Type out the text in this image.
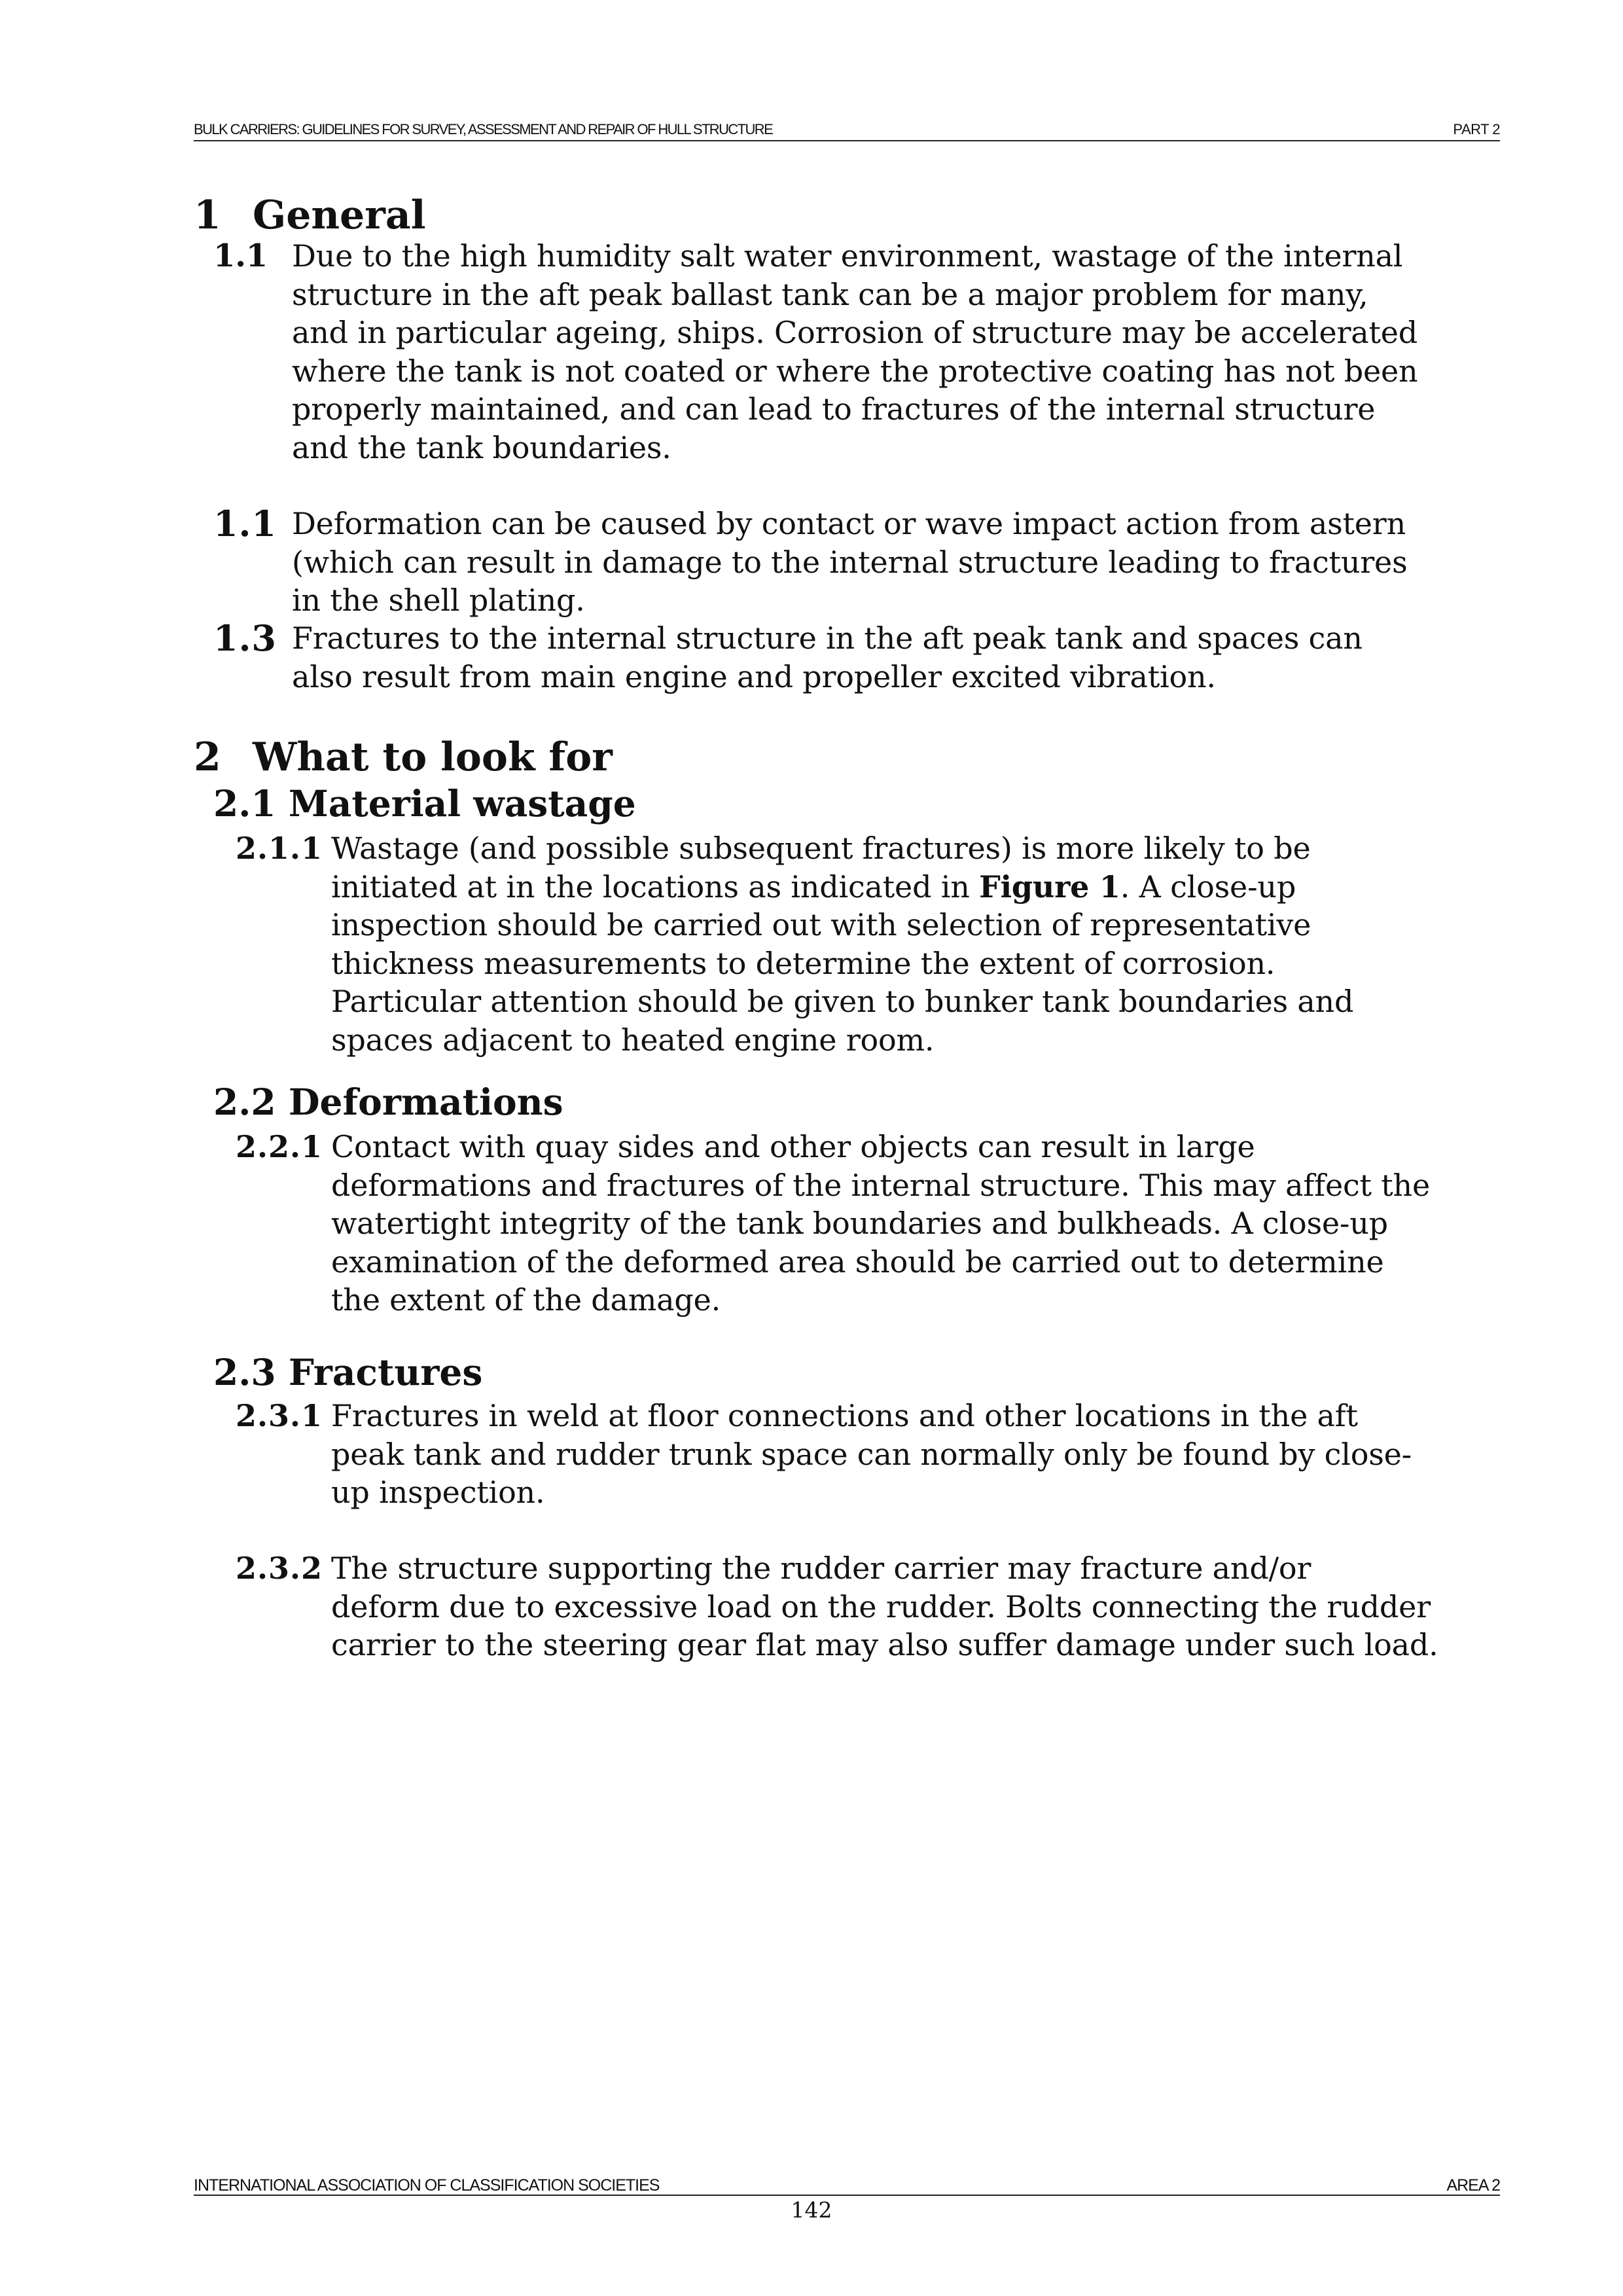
BULK CARRIERS: GUIDELINES FOR SURVEY, ASSESSMENT AND REPAIR OF HULL STRUCTURE	PART 2
1 General
1.1 Due to the high humidity salt water environment, wastage of the internal
structure in the aft peak ballast tank can be a major problem for many,
and in particular ageing, ships. Corrosion of structure may be accelerated
where the tank is not coated or where the protective coating has not been
properly maintained, and can lead to fractures of the internal structure
and the tank boundaries.
1.1 Deformation can be caused by contact or wave impact action from astern
(which can result in damage to the internal structure leading to fractures
in the shell plating.
1.3 Fractures to the internal structure in the aft peak tank and spaces can
also result from main engine and propeller excited vibration.
2 What to look for
2.1 Material wastage
2.1.1 Wastage (and possible subsequent fractures) is more likely to be
initiated at in the locations as indicated in Figure 1. A close-up
inspection should be carried out with selection of representative
thickness measurements to determine the extent of corrosion.
Particular attention should be given to bunker tank boundaries and
spaces adjacent to heated engine room.
2.2 Deformations
2.2.1 Contact with quay sides and other objects can result in large
deformations and fractures of the internal structure. This may affect the
watertight integrity of the tank boundaries and bulkheads. A close-up
examination of the deformed area should be carried out to determine
the extent of the damage.
2.3 Fractures
2.3.1 Fractures in weld at floor connections and other locations in the aft
peak tank and rudder trunk space can normally only be found by close-
up inspection.
2.3.2 The structure supporting the rudder carrier may fracture and/or
deform due to excessive load on the rudder. Bolts connecting the rudder
carrier to the steering gear flat may also suffer damage under such load.
INTERNATIONAL ASSOCIATION OF CLASSIFICATION SOCIETIES	AREA 2
142
